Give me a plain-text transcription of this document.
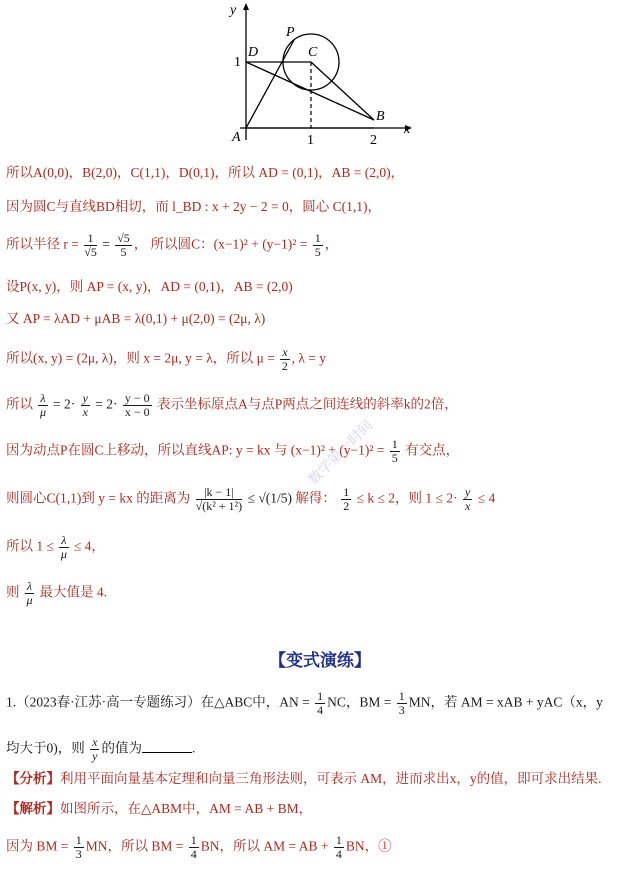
y
x
P
D	C
1
A	1	2
B
所以A(0,0)，B(2,0)，C(1,1)，D(0,1)，所以 AD = (0,1)，AB = (2,0)，
因为圆C与直线BD相切，而 l_BD : x + 2y − 2 = 0，圆心 C(1,1)，
所以半径 $r = \frac{1}{√5} = \frac{√5}{5}$ ， 所以圆C：$(x-1)^2 + (y-1)^2 = \frac{1}{5}$ ，
设P(x, y)，则 AP = (x, y)，AD = (0,1)，AB = (2,0)
又 AP = λAD + μAB = λ(0,1) + μ(2,0) = (2μ, λ)
所以(x, y) = (2μ, λ)，则 x = 2μ, y = λ，所以 $\mu = \frac{x}{2}$ , λ = y
所以 $\frac{\lambda}{\mu} = 2\cdot \frac{y}{x} = 2\cdot \frac{y - 0}{x - 0}$ 表示坐标原点A与点P两点之间连线的斜率k的2倍，
因为动点P在圆C上移动，所以直线AP: y = kx 与 $(x-1)^2 + (y-1)^2 = \frac{1}{5}$ 有交点，
则圆心C(1,1)到 y = kx 的距离为 $\frac{|k - 1|}{\text{√(k² + 1²)}} \le √(1/5)$ 解得： $\frac{1}{2} \le k \le 2$，则 $1 \le 2\cdot \frac{y}{x} \le 4$
所以 $1 \le \frac{\lambda}{\mu} \le 4$，
则 $\frac{\lambda}{\mu}$ 最大值是 4.
数学第一时间
【变式演练】
1.（2023春·江苏·高一专题练习）在△ABC中，AN = $\frac{1}{4}$ NC，BM = $\frac{1}{3}$ MN，若 AM = xAB + yAC（x，y
均大于0)，则 $\frac{x}{y}$ 的值为	.
【分析】利用平面向量基本定理和向量三角形法则，可表示 AM，进而求出x，y的值，即可求出结果.
【解析】如图所示，在△ABM中，AM = AB + BM，
因为 BM = $\frac{1}{3}$ MN，所以 BM = $\frac{1}{4}$ BN，所以 AM = AB + $\frac{1}{4}$ BN，①
